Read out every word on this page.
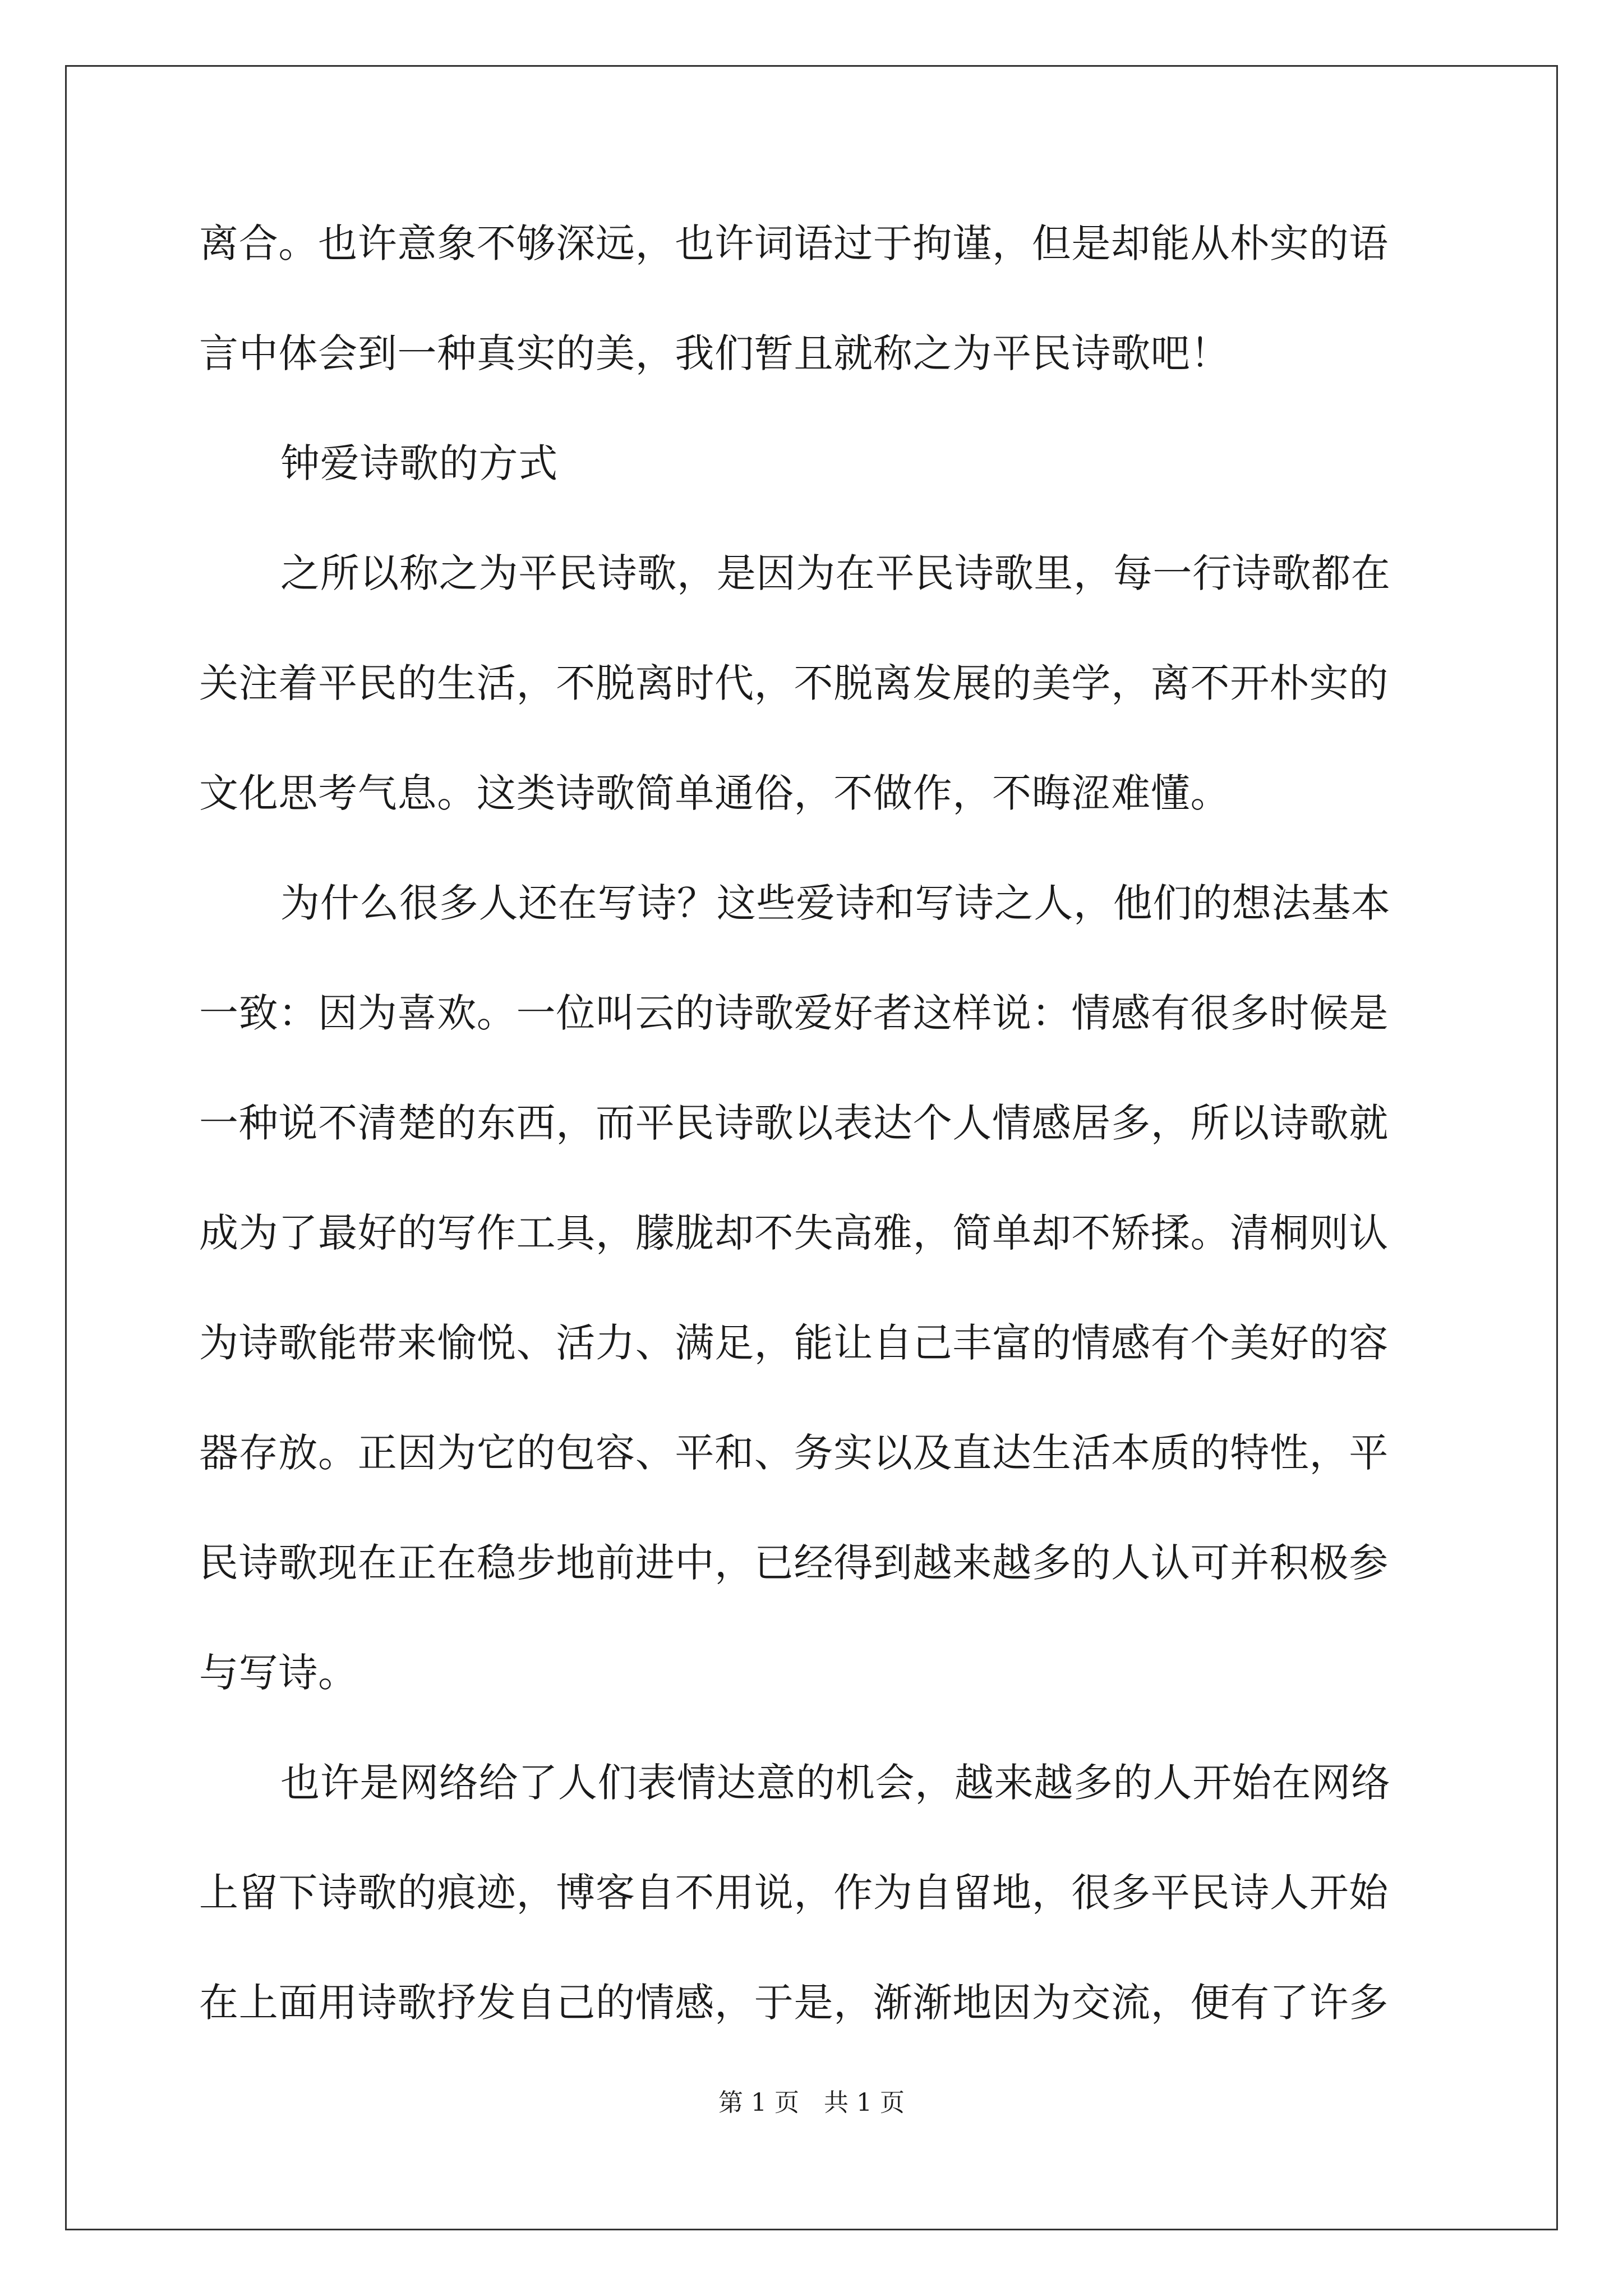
离合。也许意象不够深远，也许词语过于拘谨，但是却能从朴实的语
言中体会到一种真实的美，我们暂且就称之为平民诗歌吧！
钟爱诗歌的方式
之所以称之为平民诗歌，是因为在平民诗歌里，每一行诗歌都在
关注着平民的生活，不脱离时代，不脱离发展的美学，离不开朴实的
文化思考气息。这类诗歌简单通俗，不做作，不晦涩难懂。
为什么很多人还在写诗？这些爱诗和写诗之人，他们的想法基本
一致：因为喜欢。一位叫云的诗歌爱好者这样说：情感有很多时候是
一种说不清楚的东西，而平民诗歌以表达个人情感居多，所以诗歌就
成为了最好的写作工具，朦胧却不失高雅，简单却不矫揉。清桐则认
为诗歌能带来愉悦、活力、满足，能让自己丰富的情感有个美好的容
器存放。正因为它的包容、平和、务实以及直达生活本质的特性，平
民诗歌现在正在稳步地前进中，已经得到越来越多的人认可并积极参
与写诗。
也许是网络给了人们表情达意的机会，越来越多的人开始在网络
上留下诗歌的痕迹，博客自不用说，作为自留地，很多平民诗人开始
在上面用诗歌抒发自己的情感，于是，渐渐地因为交流，便有了许多
第 1 页　共 1 页
